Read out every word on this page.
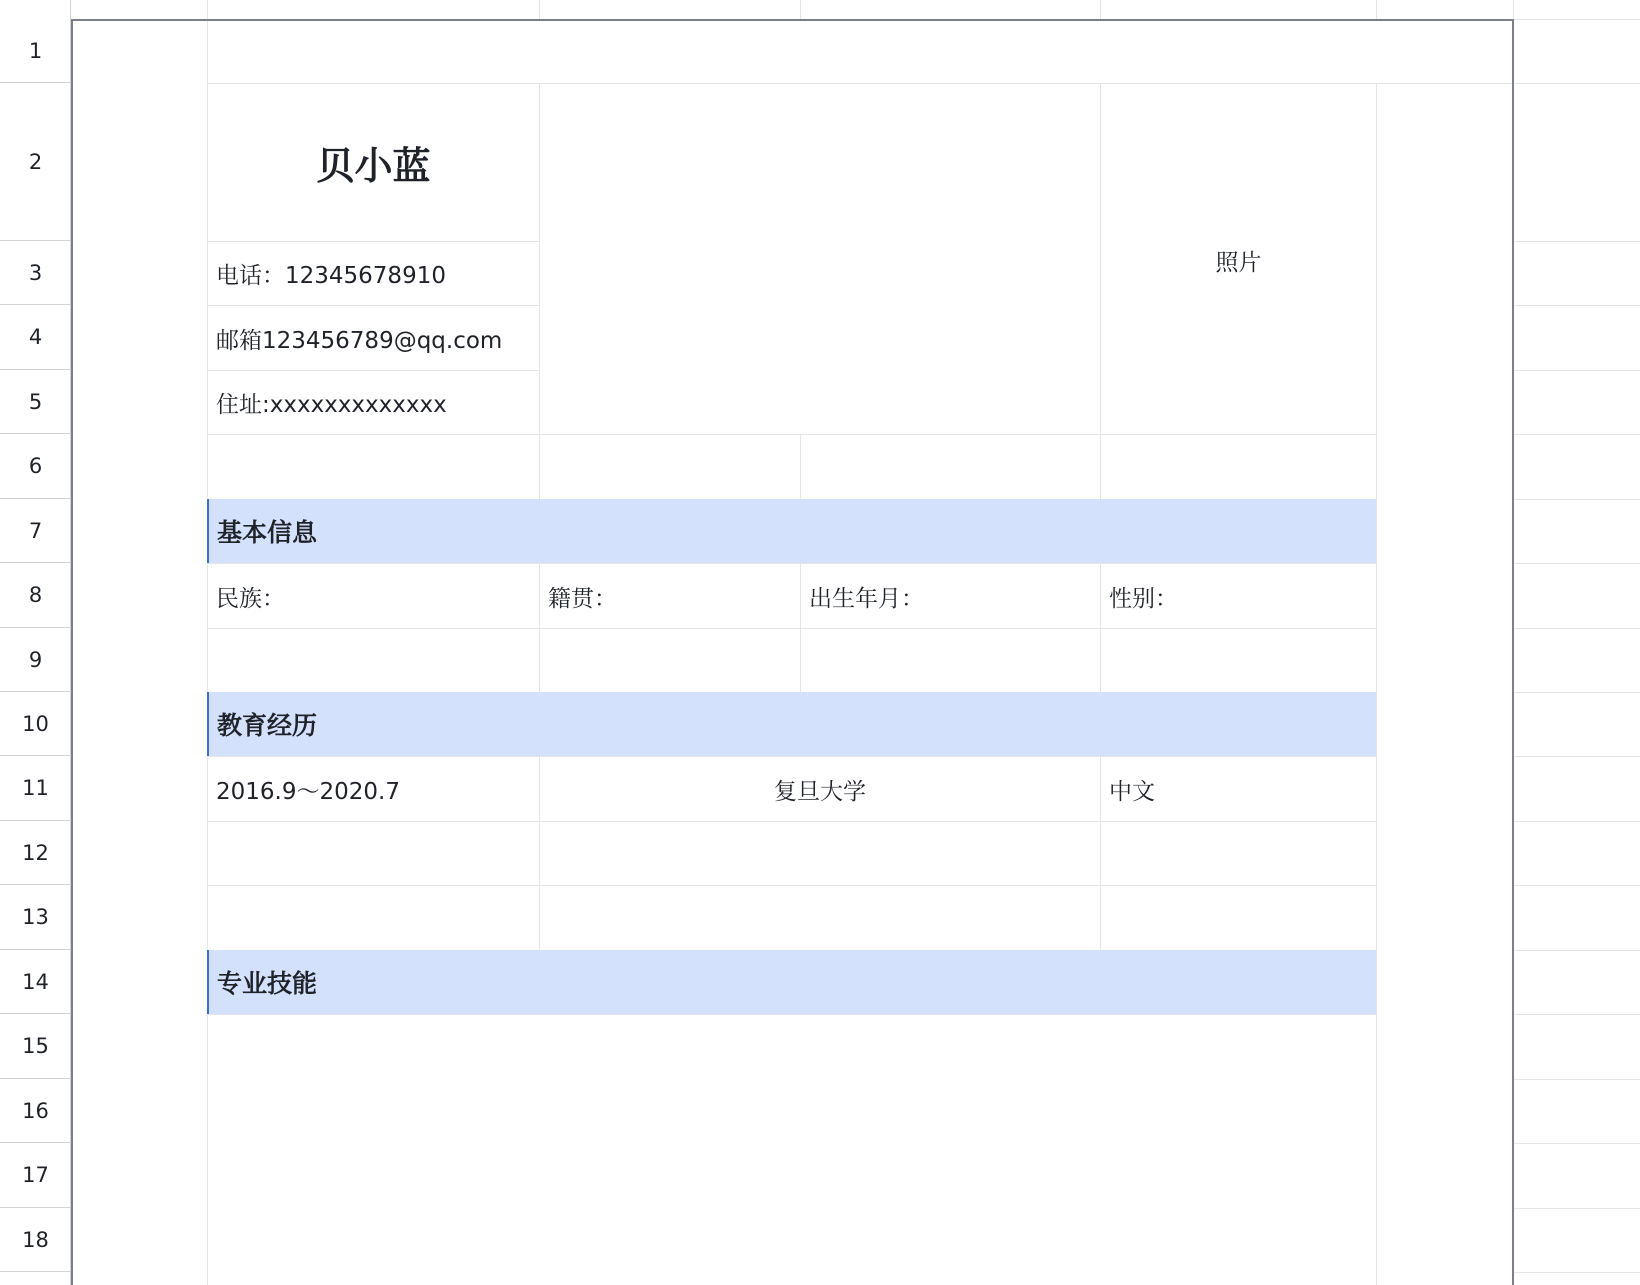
基本信息
教育经历
专业技能
贝小蓝
电话：12345678910
邮箱123456789@qq.com
住址:xxxxxxxxxxxxx
照片
民族：	籍贯：	出生年月：	性别：
2016.9～2020.7	复旦大学	中文
1
2
3
4
5
6
7
8
9
10
11
12
13
14
15
16
17
18
